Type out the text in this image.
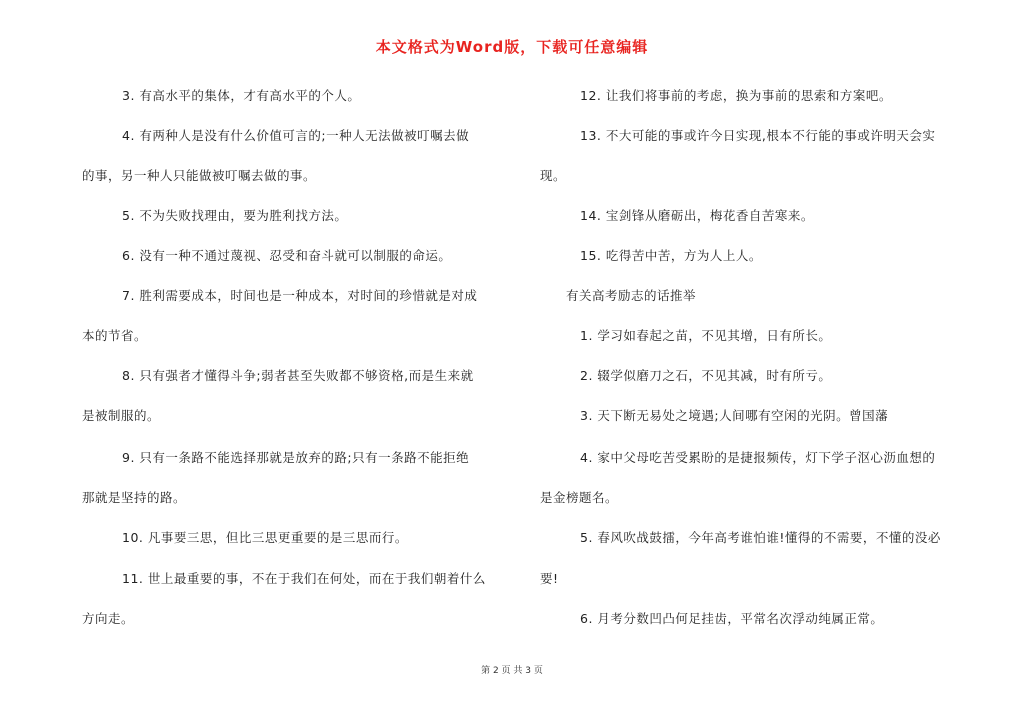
本文格式为Word版，下载可任意编辑
3. 有高水平的集体，才有高水平的个人。
4. 有两种人是没有什么价值可言的;一种人无法做被叮嘱去做
的事，另一种人只能做被叮嘱去做的事。
5. 不为失败找理由，要为胜利找方法。
6. 没有一种不通过蔑视、忍受和奋斗就可以制服的命运。
7. 胜利需要成本，时间也是一种成本，对时间的珍惜就是对成
本的节省。
8. 只有强者才懂得斗争;弱者甚至失败都不够资格,而是生来就
是被制服的。
9. 只有一条路不能选择那就是放弃的路;只有一条路不能拒绝
那就是坚持的路。
10. 凡事要三思，但比三思更重要的是三思而行。
11. 世上最重要的事，不在于我们在何处，而在于我们朝着什么
方向走。
12. 让我们将事前的考虑，换为事前的思索和方案吧。
13. 不大可能的事或许今日实现,根本不行能的事或许明天会实
现。
14. 宝剑锋从磨砺出，梅花香自苦寒来。
15. 吃得苦中苦，方为人上人。
有关高考励志的话推举
1. 学习如春起之苗，不见其增，日有所长。
2. 辍学似磨刀之石，不见其减，时有所亏。
3. 天下断无易处之境遇;人间哪有空闲的光阴。曾国藩
4. 家中父母吃苦受累盼的是捷报频传，灯下学子沤心沥血想的
是金榜题名。
5. 春风吹战鼓擂，今年高考谁怕谁!懂得的不需要，不懂的没必
要!
6. 月考分数凹凸何足挂齿，平常名次浮动纯属正常。
第 2 页 共 3 页
